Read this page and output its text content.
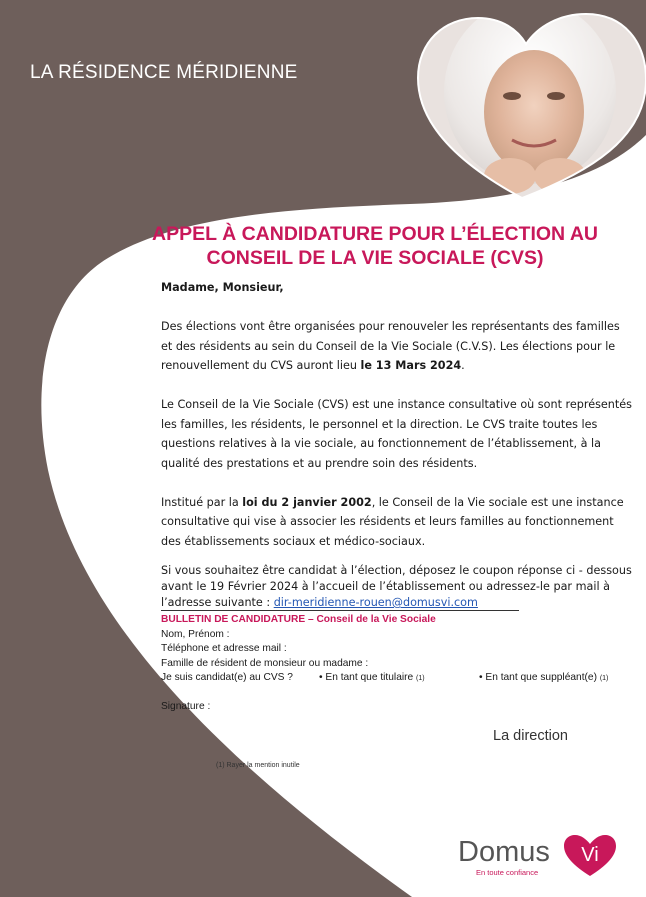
LA RÉSIDENCE MÉRIDIENNE
APPEL À CANDIDATURE POUR L’ÉLECTION AU
CONSEIL DE LA VIE SOCIALE (CVS)

Madame, Monsieur,

Des élections vont être organisées pour renouveler les représentants des familles et des résidents au sein du Conseil de la Vie Sociale (C.V.S). Les élections pour le renouvellement du CVS auront lieu le 13 Mars 2024.

Le Conseil de la Vie Sociale (CVS) est une instance consultative où sont représentés les familles, les résidents, le personnel et la direction. Le CVS traite toutes les questions relatives à la vie sociale, au fonctionnement de l’établissement, à la qualité des prestations et au prendre soin des résidents.

Institué par la loi du 2 janvier 2002, le Conseil de la Vie sociale est une instance consultative qui vise à associer les résidents et leurs familles au fonctionnement des établissements sociaux et médico-sociaux.

Si vous souhaitez être candidat à l’élection, déposez le coupon réponse ci - dessous avant le 19 Février 2024 à l’accueil de l’établissement ou adressez-le par mail à l’adresse suivante : dir-meridienne-rouen@domusvi.com

BULLETIN DE CANDIDATURE – Conseil de la Vie Sociale
Nom, Prénom :
Téléphone et adresse mail :
Famille de résident de monsieur ou madame :
Je suis candidat(e) au CVS ?	• En tant que titulaire (1)	• En tant que suppléant(e) (1)
Signature :
La direction
(1) Rayer la mention inutile
Domus Vi
En toute confiance
